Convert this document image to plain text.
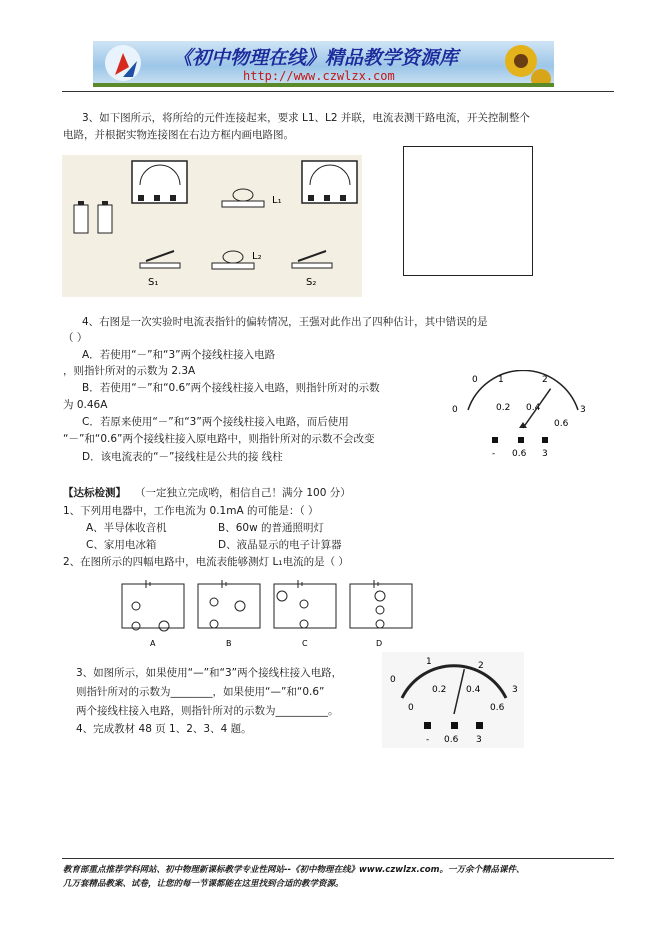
《初中物理在线》精品教学资源库
http://www.czwlzx.com
3、如下图所示，将所给的元件连接起来，要求 L1、L2 并联，电流表测干路电流，开关控制整个
电路，并根据实物连接图在右边方框内画电路图。
L₁
S₁
L₂
S₂
4、右图是一次实验时电流表指针的偏转情况，王强对此作出了四种估计，其中错误的是
（ ）
A．若使用“－”和“3”两个接线柱接入电路
，则指针所对的示数为 2.3A
B．若使用“－”和“0.6”两个接线柱接入电路，则指针所对的示数
为 0.46A
C．若原来使用“－”和“3”两个接线柱接入电路，而后使用
“－”和“0.6”两个接线柱接入原电路中，则指针所对的示数不会改变
D．该电流表的“－”接线柱是公共的接 线柱
0 1	2
3
0	0.2 0.4
0.6
- 0.6 3
【达标检测】 （一定独立完成哟，相信自己！满分 100 分）
1、下列用电器中，工作电流为 0.1mA 的可能是：（ ）
A、半导体收音机	B、60w 的普通照明灯
C、家用电冰箱	D、液晶显示的电子计算器
2、在图所示的四幅电路中，电流表能够测灯 L₁电流的是（ ）
A	B	C	D
3、如图所示，如果使用“—”和“3”两个接线柱接入电路，
则指针所对的示数为________，如果使用“—”和“0.6”
两个接线柱接入电路，则指针所对的示数为__________。
4、完成教材 48 页 1、2、3、4 题。
1	2
0
3
0
0.2 0.4
0.6
- 0.6 3
教育部重点推荐学科网站、初中物理新课标教学专业性网站--《初中物理在线》www.czwlzx.com。一万余个精品课件、
几万套精品教案、试卷，让您的每一节课都能在这里找到合适的教学资源。
